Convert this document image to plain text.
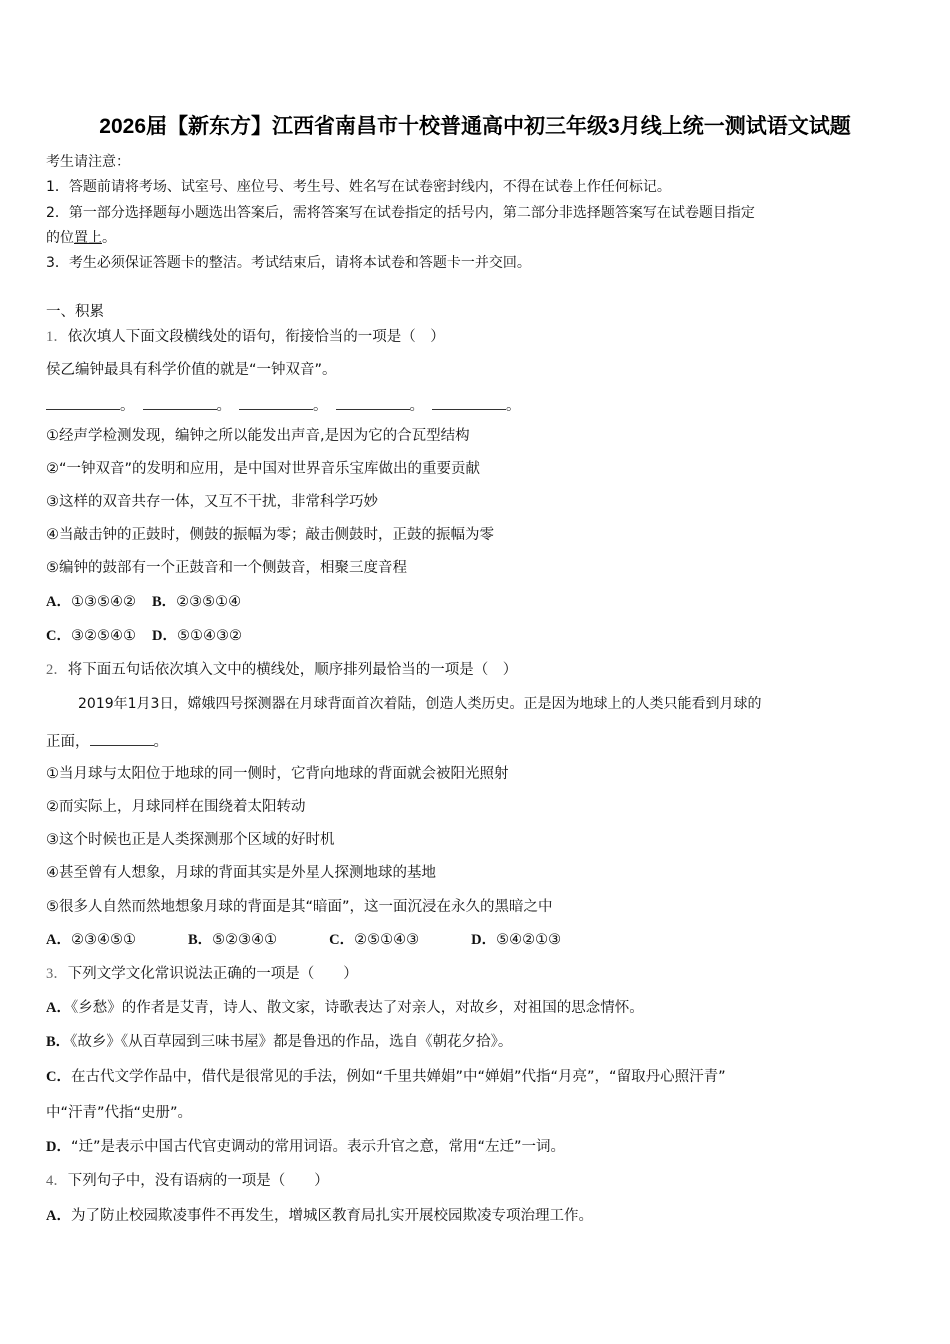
2026届【新东方】江西省南昌市十校普通高中初三年级3月线上统一测试语文试题
考生请注意：
1．答题前请将考场、试室号、座位号、考生号、姓名写在试卷密封线内，不得在试卷上作任何标记。
2．第一部分选择题每小题选出答案后，需将答案写在试卷指定的括号内，第二部分非选择题答案写在试卷题目指定
的位置上。
3．考生必须保证答题卡的整洁。考试结束后，请将本试卷和答题卡一并交回。
一、积累
1．依次填人下面文段横线处的语句，衔接恰当的一项是（　）
侯乙编钟最具有科学价值的就是“一钟双音”。
。	。	。	。	。
①经声学检测发现，编钟之所以能发出声音,是因为它的合瓦型结构
②“一钟双音”的发明和应用，是中国对世界音乐宝库做出的重要贡献
③这样的双音共存一体，又互不干扰，非常科学巧妙
④当敲击钟的正鼓时，侧鼓的振幅为零；敲击侧鼓时，正鼓的振幅为零
⑤编钟的鼓部有一个正鼓音和一个侧鼓音，相聚三度音程
A．①③⑤④② B．②③⑤①④
C．③②⑤④① D．⑤①④③②
2．将下面五句话依次填入文中的横线处，顺序排列最恰当的一项是（　）
2019年1月3日，嫦娥四号探测器在月球背面首次着陆，创造人类历史。正是因为地球上的人类只能看到月球的
正面，	。
①当月球与太阳位于地球的同一侧时，它背向地球的背面就会被阳光照射
②而实际上，月球同样在围绕着太阳转动
③这个时候也正是人类探测那个区域的好时机
④甚至曾有人想象，月球的背面其实是外星人探测地球的基地
⑤很多人自然而然地想象月球的背面是其“暗面”，这一面沉浸在永久的黑暗之中
A．②③④⑤①	B．⑤②③④①	C．②⑤①④③	D．⑤④②①③
3．下列文学文化常识说法正确的一项是（　　）
A．《乡愁》的作者是艾青，诗人、散文家，诗歌表达了对亲人，对故乡，对祖国的思念情怀。
B．《故乡》《从百草园到三味书屋》都是鲁迅的作品，选自《朝花夕拾》。
C．在古代文学作品中，借代是很常见的手法，例如“千里共婵娟”中“婵娟”代指“月亮”，“留取丹心照汗青”
中“汗青”代指“史册”。
D．“迁”是表示中国古代官吏调动的常用词语。表示升官之意，常用“左迁”一词。
4．下列句子中，没有语病的一项是（　　）
A．为了防止校园欺凌事件不再发生，增城区教育局扎实开展校园欺凌专项治理工作。
